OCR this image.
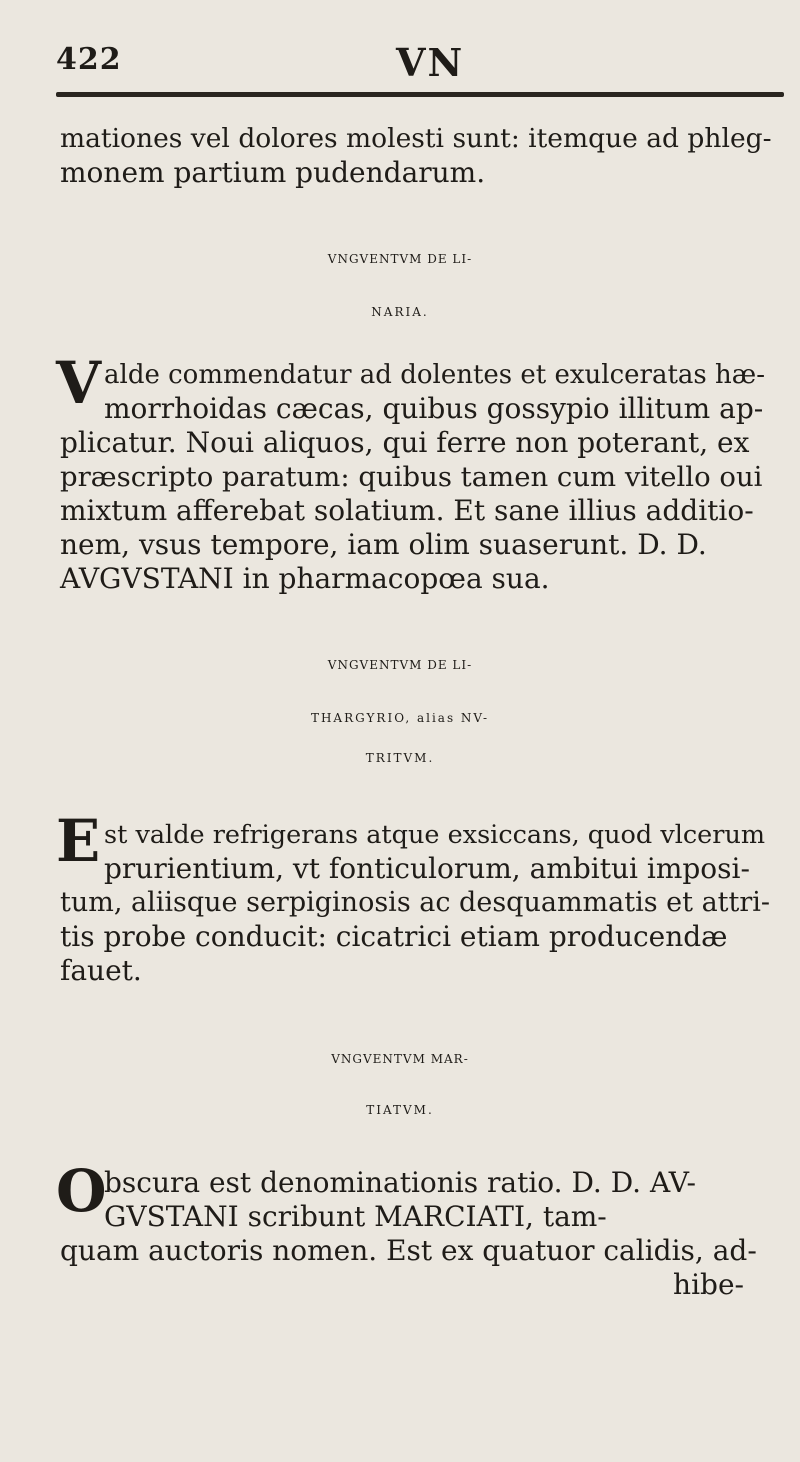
422	VN
mationes vel dolores molesti sunt: itemque ad phleg-
monem partium pudendarum.
VNGVENTVM DE LI-
NARIA.
V alde commendatur ad dolentes et exulceratas hæ-
morrhoidas cæcas, quibus gossypio illitum ap-
plicatur. Noui aliquos, qui ferre non poterant, ex
præscripto paratum: quibus tamen cum vitello oui
mixtum afferebat solatium. Et sane illius additio-
nem, vsus tempore, iam olim suaserunt. D. D.
AVGVSTANI in pharmacopœa sua.
VNGVENTVM DE LI-
THARGYRIO, alias NV-
TRITVM.
E st valde refrigerans atque exsiccans, quod vlcerum
prurientium, vt fonticulorum, ambitui imposi-
tum, aliisque serpiginosis ac desquammatis et attri-
tis probe conducit: cicatrici etiam producendæ
fauet.
VNGVENTVM MAR-
TIATVM.
O
bscura est denominationis ratio. D. D. AV-
GVSTANI scribunt MARCIATI, tam-
quam auctoris nomen. Est ex quatuor calidis, ad-
hibe-
